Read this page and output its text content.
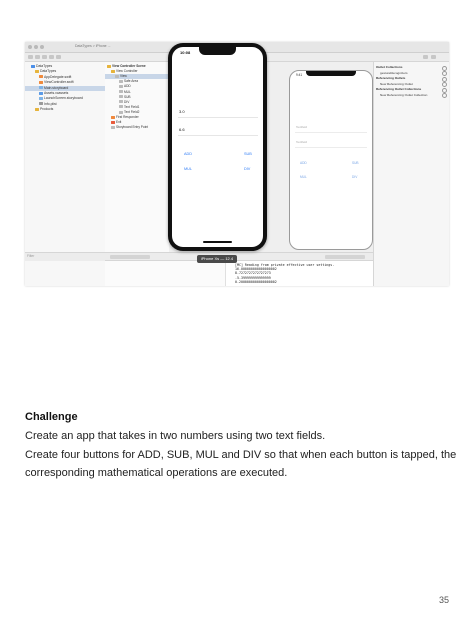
DataTypes > iPhone ...
DataTypes
DataTypes
AppDelegate.swift
ViewController.swift
Main.storyboard
Assets.xcassets
LaunchScreen.storyboard
Info.plist
Products
View Controller Scene
View Controller
View
Safe Area
ADD
MUL
SUB
DIV
Text Field1
Text Field2
First Responder
Exit
Storyboard Entry Point
9:41
Textfield
Textfield
ADD	SUB
MUL	DIV
[MC] Reading from private effective user settings.
16.000000000000000002
8.7272727272727273
-5.399999999999999
0.2000000000000000002
Outlet Collections
gestureRecognizers
Referencing Outlets
New Referencing Outlet
Referencing Outlet Collections
New Referencing Outlet Collection
Filter
10:08
3.0
6.6
ADD	SUB
MUL	DIV
iPhone Xs — 12.4
Challenge
Create an app that takes in two numbers using two text fields.
Create four buttons for ADD, SUB, MUL and DIV so that when each button is tapped, the
corresponding mathematical operations are executed.
35
